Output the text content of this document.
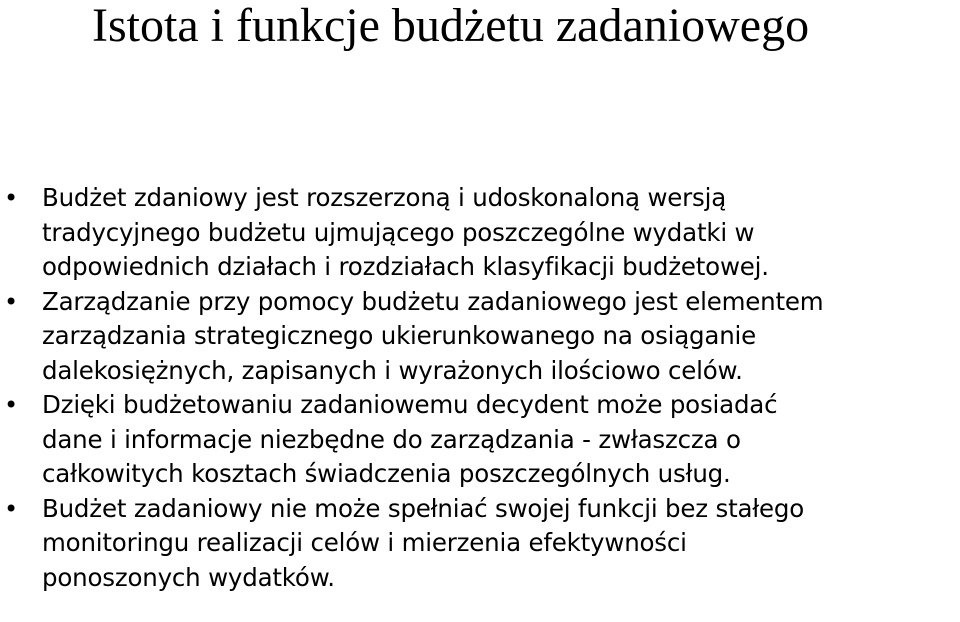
Istota i funkcje budżetu zadaniowego
• Budżet zdaniowy jest rozszerzoną i udoskonaloną wersją
tradycyjnego budżetu ujmującego poszczególne wydatki w
odpowiednich działach i rozdziałach klasyfikacji budżetowej.
• Zarządzanie przy pomocy budżetu zadaniowego jest elementem
zarządzania strategicznego ukierunkowanego na osiąganie
dalekosiężnych, zapisanych i wyrażonych ilościowo celów.
• Dzięki budżetowaniu zadaniowemu decydent może posiadać
dane i informacje niezbędne do zarządzania - zwłaszcza o
całkowitych kosztach świadczenia poszczególnych usług.
• Budżet zadaniowy nie może spełniać swojej funkcji bez stałego
monitoringu realizacji celów i mierzenia efektywności
ponoszonych wydatków.
